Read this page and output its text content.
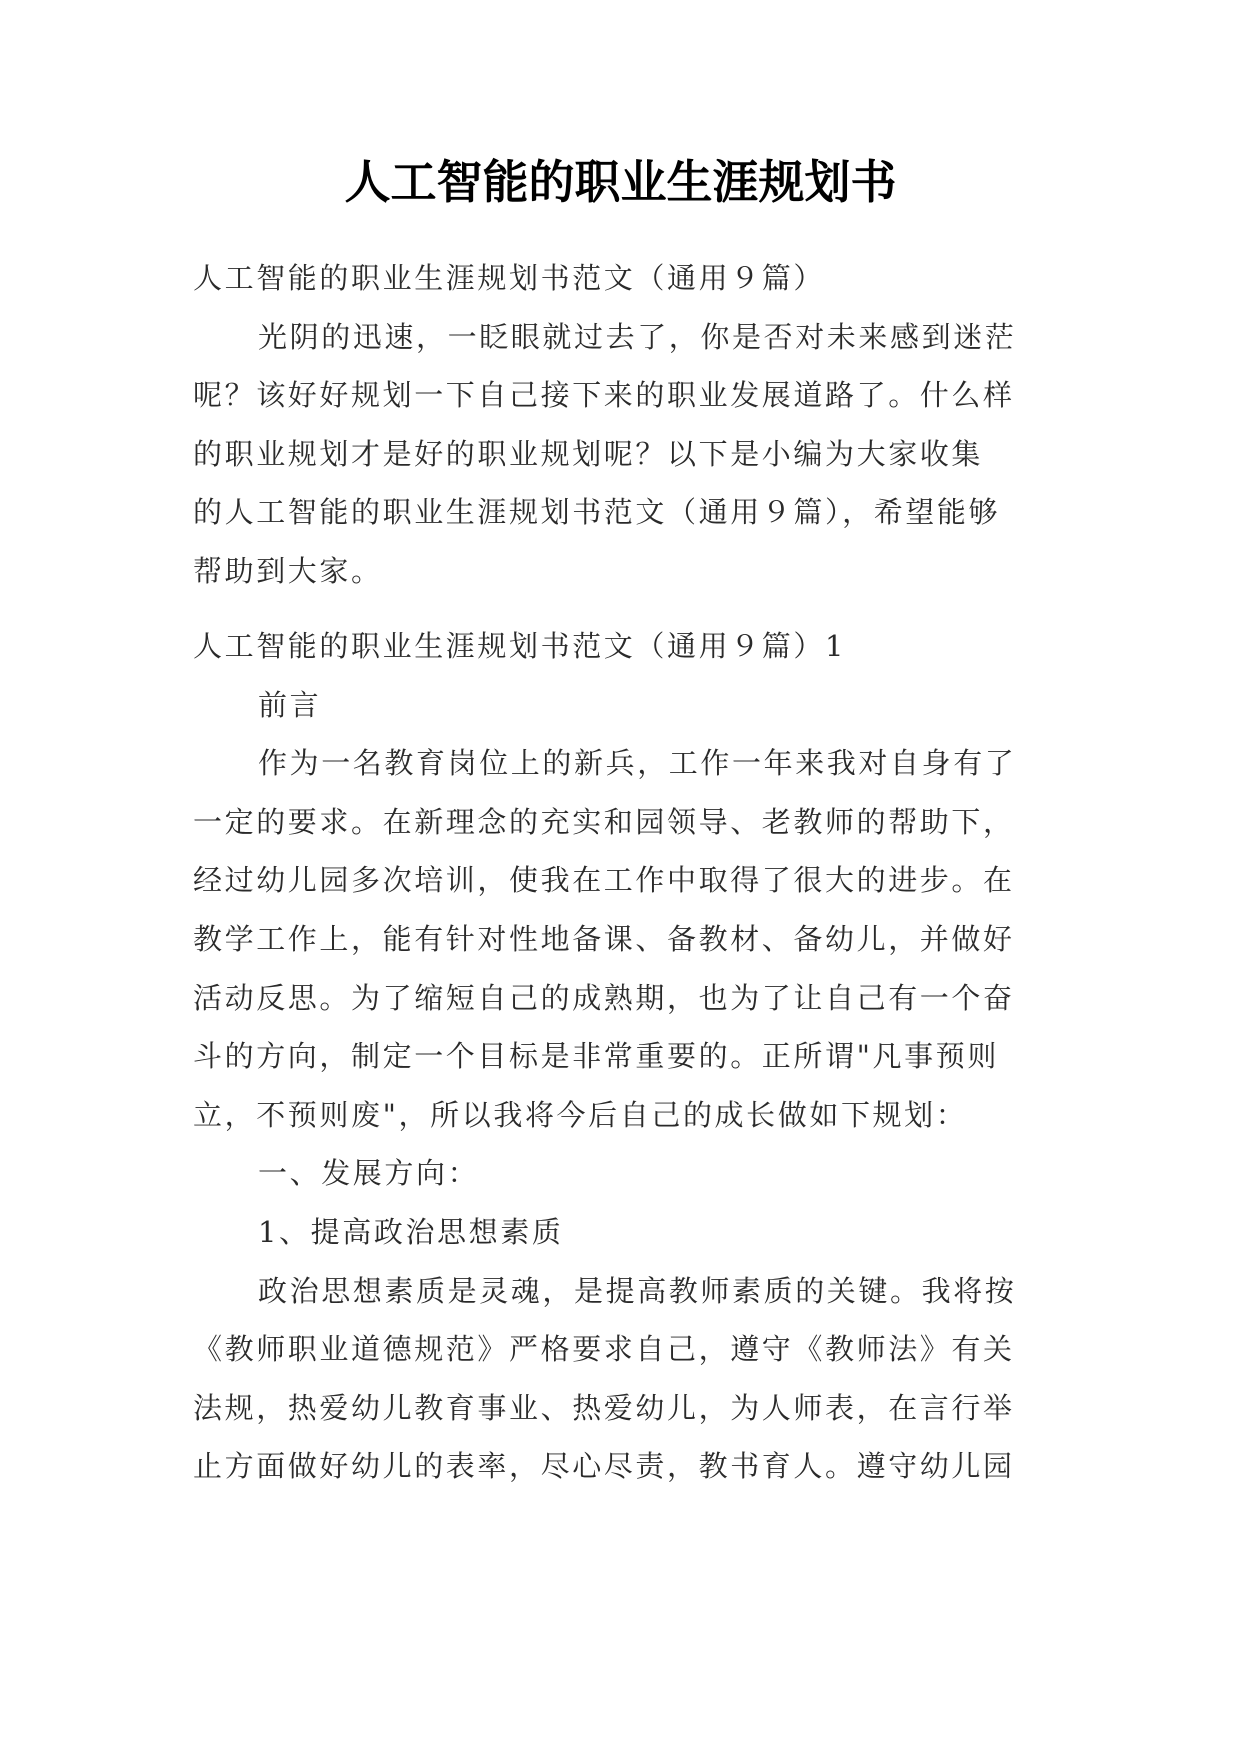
人工智能的职业生涯规划书
人工智能的职业生涯规划书范文（通用９篇）
光阴的迅速，一眨眼就过去了，你是否对未来感到迷茫
呢？该好好规划一下自己接下来的职业发展道路了。什么样
的职业规划才是好的职业规划呢？以下是小编为大家收集
的人工智能的职业生涯规划书范文（通用９篇），希望能够
帮助到大家。
人工智能的职业生涯规划书范文（通用９篇）1
前言
作为一名教育岗位上的新兵，工作一年来我对自身有了
一定的要求。在新理念的充实和园领导、老教师的帮助下，
经过幼儿园多次培训，使我在工作中取得了很大的进步。在
教学工作上，能有针对性地备课、备教材、备幼儿，并做好
活动反思。为了缩短自己的成熟期，也为了让自己有一个奋
斗的方向，制定一个目标是非常重要的。正所谓"凡事预则
立，不预则废"，所以我将今后自己的成长做如下规划：
一、发展方向：
1、提高政治思想素质
政治思想素质是灵魂，是提高教师素质的关键。我将按
《教师职业道德规范》严格要求自己，遵守《教师法》有关
法规，热爱幼儿教育事业、热爱幼儿，为人师表，在言行举
止方面做好幼儿的表率，尽心尽责，教书育人。遵守幼儿园
